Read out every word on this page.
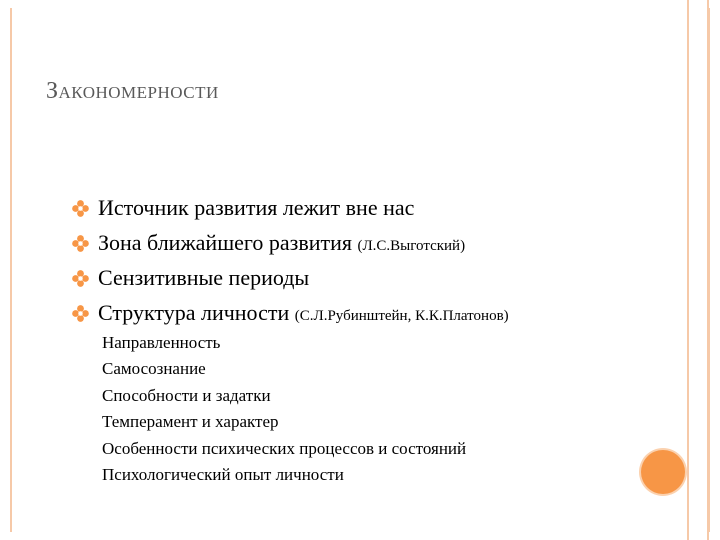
Закономерности
Источник развития лежит вне нас
Зона ближайшего развития (Л.С.Выготский)
Сензитивные периоды
Структура личности (С.Л.Рубинштейн, К.К.Платонов)
Направленность
Самосознание
Способности и задатки
Темперамент и характер
Особенности психических процессов и состояний
Психологический опыт личности
